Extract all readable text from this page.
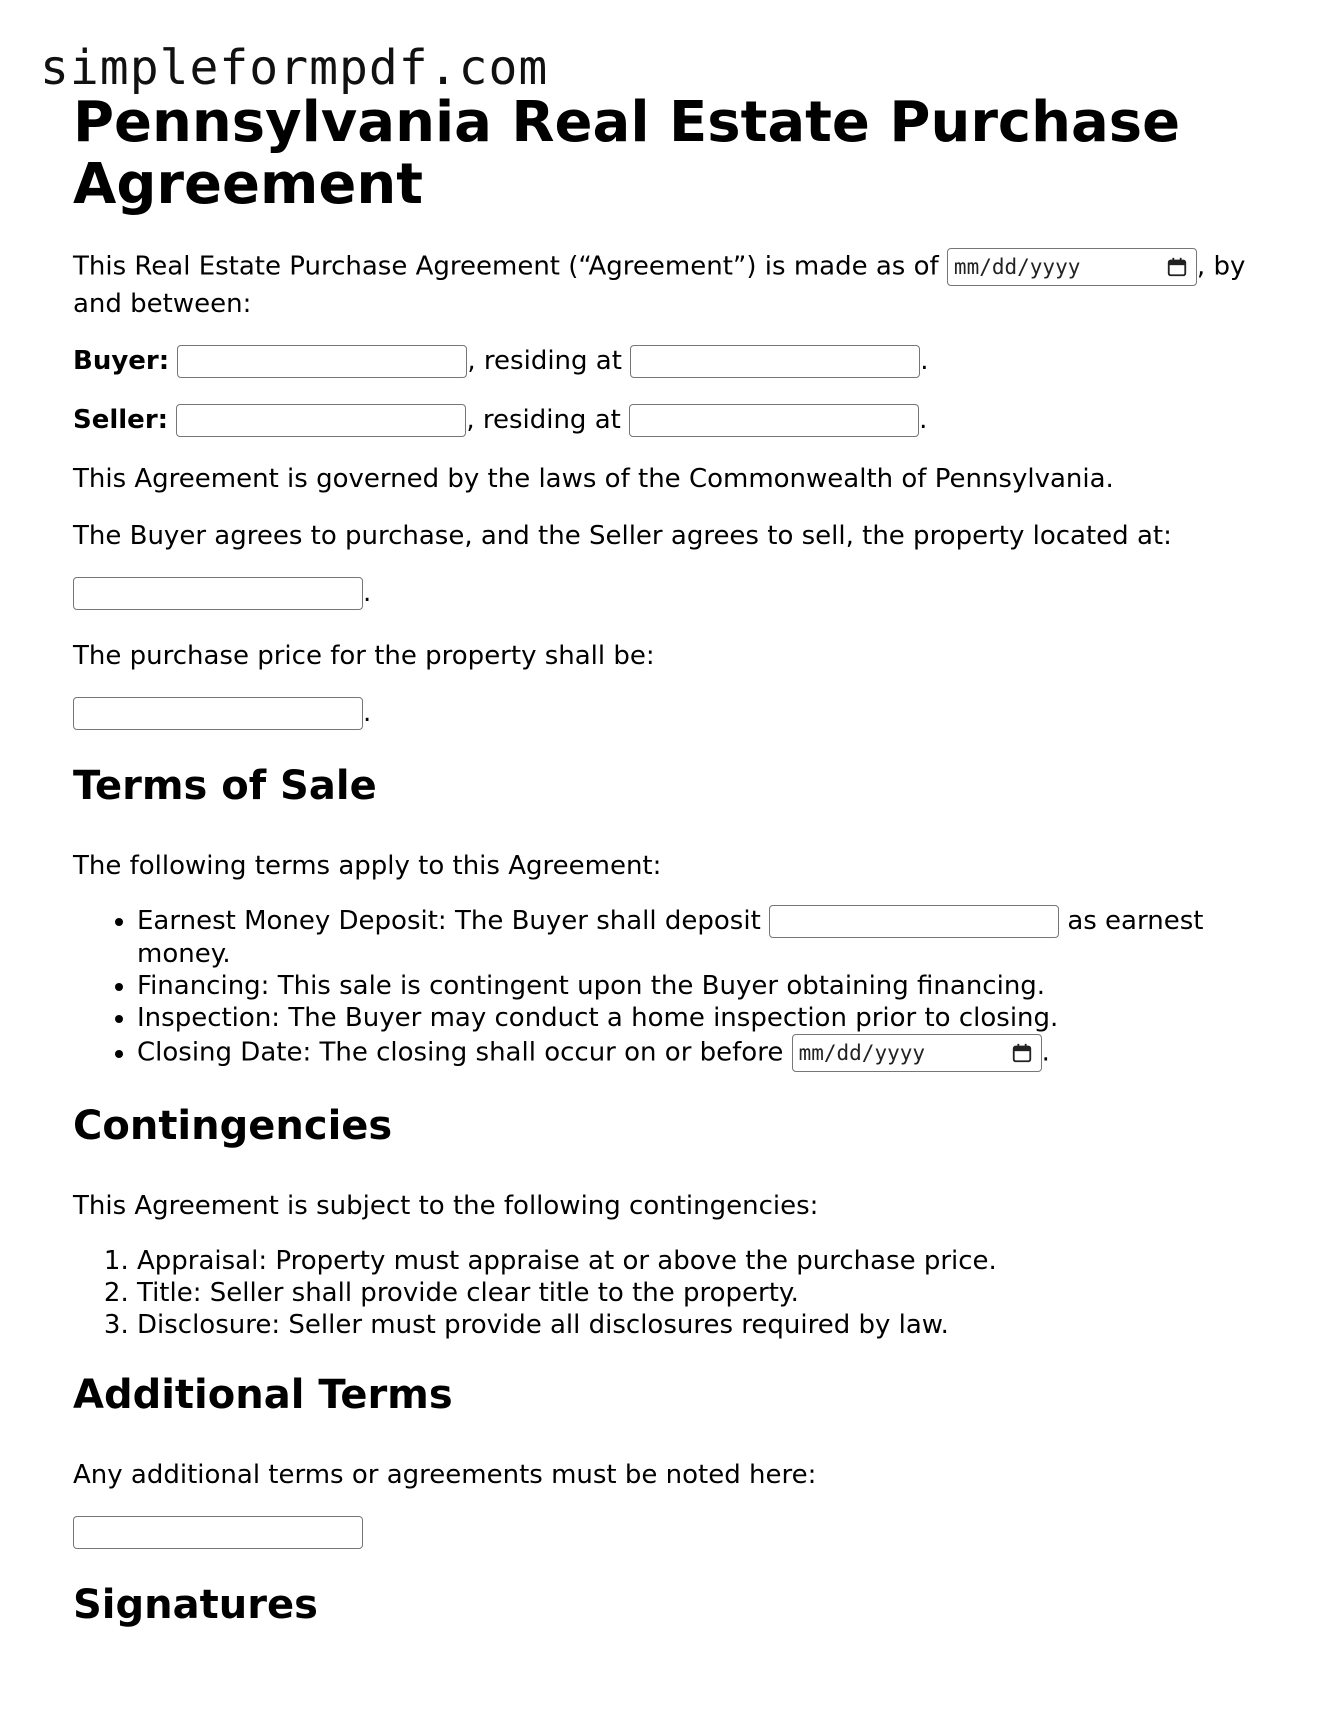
simpleformpdf.com
Pennsylvania Real Estate Purchase Agreement

This Real Estate Purchase Agreement (“Agreement”) is made as of mm/dd/yyyy	, by and between:

Buyer:	, residing at	.
Seller:	, residing at	.

This Agreement is governed by the laws of the Commonwealth of Pennsylvania.

The Buyer agrees to purchase, and the Seller agrees to sell, the property located at:

.

The purchase price for the property shall be:

.
Terms of Sale

The following terms apply to this Agreement:

• Earnest Money Deposit: The Buyer shall deposit	as earnest money.
• Financing: This sale is contingent upon the Buyer obtaining financing.
• Inspection: The Buyer may conduct a home inspection prior to closing.
• Closing Date: The closing shall occur on or before mm/dd/yyyy	.
Contingencies

This Agreement is subject to the following contingencies:

1. Appraisal: Property must appraise at or above the purchase price.
2. Title: Seller shall provide clear title to the property.
3. Disclosure: Seller must provide all disclosures required by law.
Additional Terms

Any additional terms or agreements must be noted here:

Signatures
